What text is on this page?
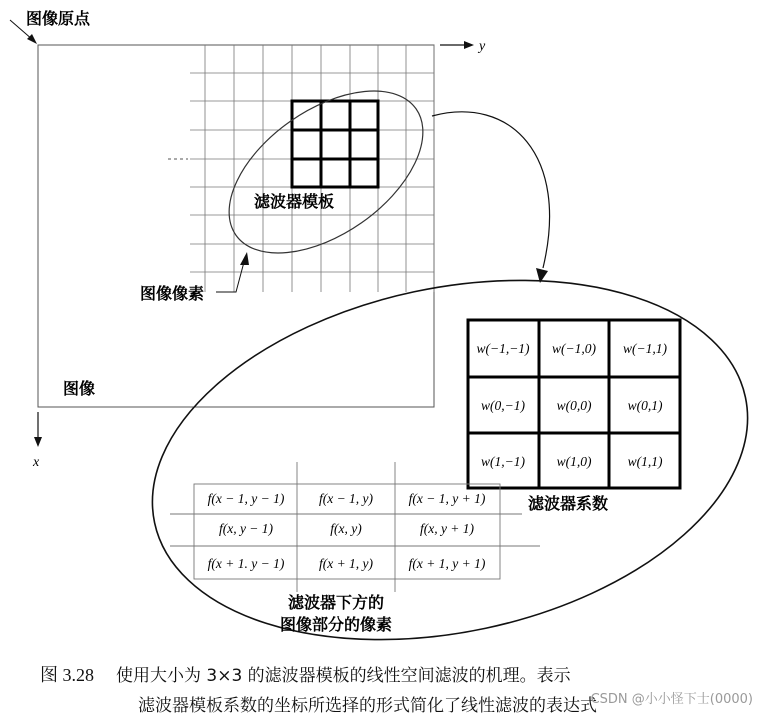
y
x
图像原点
滤波器模板
图像像素
图像
w(−1,−1) w(−1,0) w(−1,1)
w(0,−1) w(0,0)	w(0,1)
w(1,−1) w(1,0)	w(1,1)
滤波器系数
f(x − 1, y − 1)	f(x − 1, y)	f(x − 1, y + 1)
f(x, y − 1)	f(x, y)	f(x, y + 1)
f(x + 1. y − 1)	f(x + 1, y)	f(x + 1, y + 1)
滤波器下方的
图像部分的像素
图 3.28 使用大小为 3×3 的滤波器模板的线性空间滤波的机理。表示
滤波器模板系数的坐标所选择的形式简化了线性滤波的表达式
CSDN @小小怪下士(0000)
